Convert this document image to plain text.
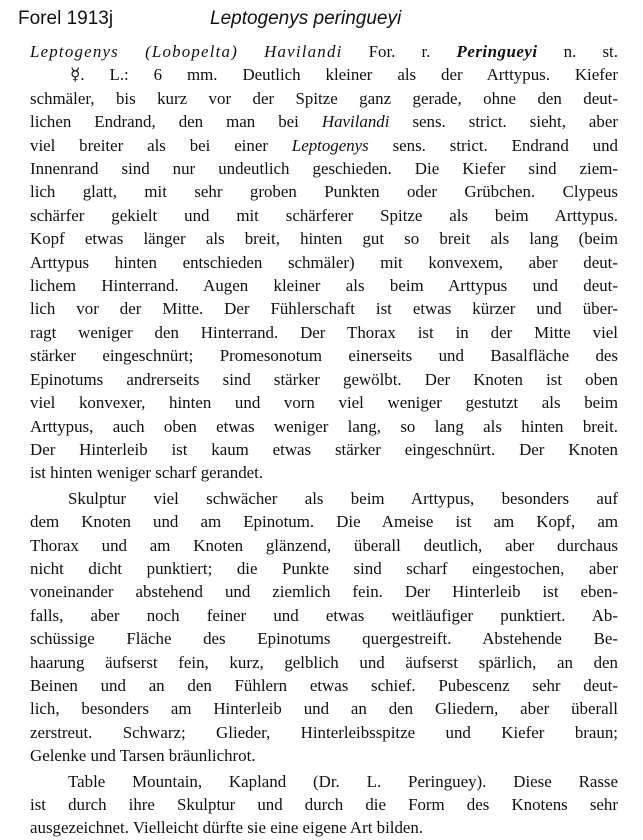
Forel 1913j	Leptogenys peringueyi
Leptogenys (Lobopelta) Havilandi For. r. Peringueyi n. st.
☿. L.: 6 mm. Deutlich kleiner als der Arttypus. Kiefer
schmäler, bis kurz vor der Spitze ganz gerade, ohne den deut-
lichen Endrand, den man bei Havilandi sens. strict. sieht, aber
viel breiter als bei einer Leptogenys sens. strict. Endrand und
Innenrand sind nur undeutlich geschieden. Die Kiefer sind ziem-
lich glatt, mit sehr groben Punkten oder Grübchen. Clypeus
schärfer gekielt und mit schärferer Spitze als beim Arttypus.
Kopf etwas länger als breit, hinten gut so breit als lang (beim
Arttypus hinten entschieden schmäler) mit konvexem, aber deut-
lichem Hinterrand. Augen kleiner als beim Arttypus und deut-
lich vor der Mitte. Der Fühlerschaft ist etwas kürzer und über-
ragt weniger den Hinterrand. Der Thorax ist in der Mitte viel
stärker eingeschnürt; Promesonotum einerseits und Basalfläche des
Epinotums andrerseits sind stärker gewölbt. Der Knoten ist oben
viel konvexer, hinten und vorn viel weniger gestutzt als beim
Arttypus, auch oben etwas weniger lang, so lang als hinten breit.
Der Hinterleib ist kaum etwas stärker eingeschnürt. Der Knoten
ist hinten weniger scharf gerandet.
Skulptur viel schwächer als beim Arttypus, besonders auf
dem Knoten und am Epinotum. Die Ameise ist am Kopf, am
Thorax und am Knoten glänzend, überall deutlich, aber durchaus
nicht dicht punktiert; die Punkte sind scharf eingestochen, aber
voneinander abstehend und ziemlich fein. Der Hinterleib ist eben-
falls, aber noch feiner und etwas weitläufiger punktiert. Ab-
schüssige Fläche des Epinotums quergestreift. Abstehende Be-
haarung äufserst fein, kurz, gelblich und äufserst spärlich, an den
Beinen und an den Fühlern etwas schief. Pubescenz sehr deut-
lich, besonders am Hinterleib und an den Gliedern, aber überall
zerstreut. Schwarz; Glieder, Hinterleibsspitze und Kiefer braun;
Gelenke und Tarsen bräunlichrot.
Table Mountain, Kapland (Dr. L. Peringuey). Diese Rasse
ist durch ihre Skulptur und durch die Form des Knotens sehr
ausgezeichnet. Vielleicht dürfte sie eine eigene Art bilden.
